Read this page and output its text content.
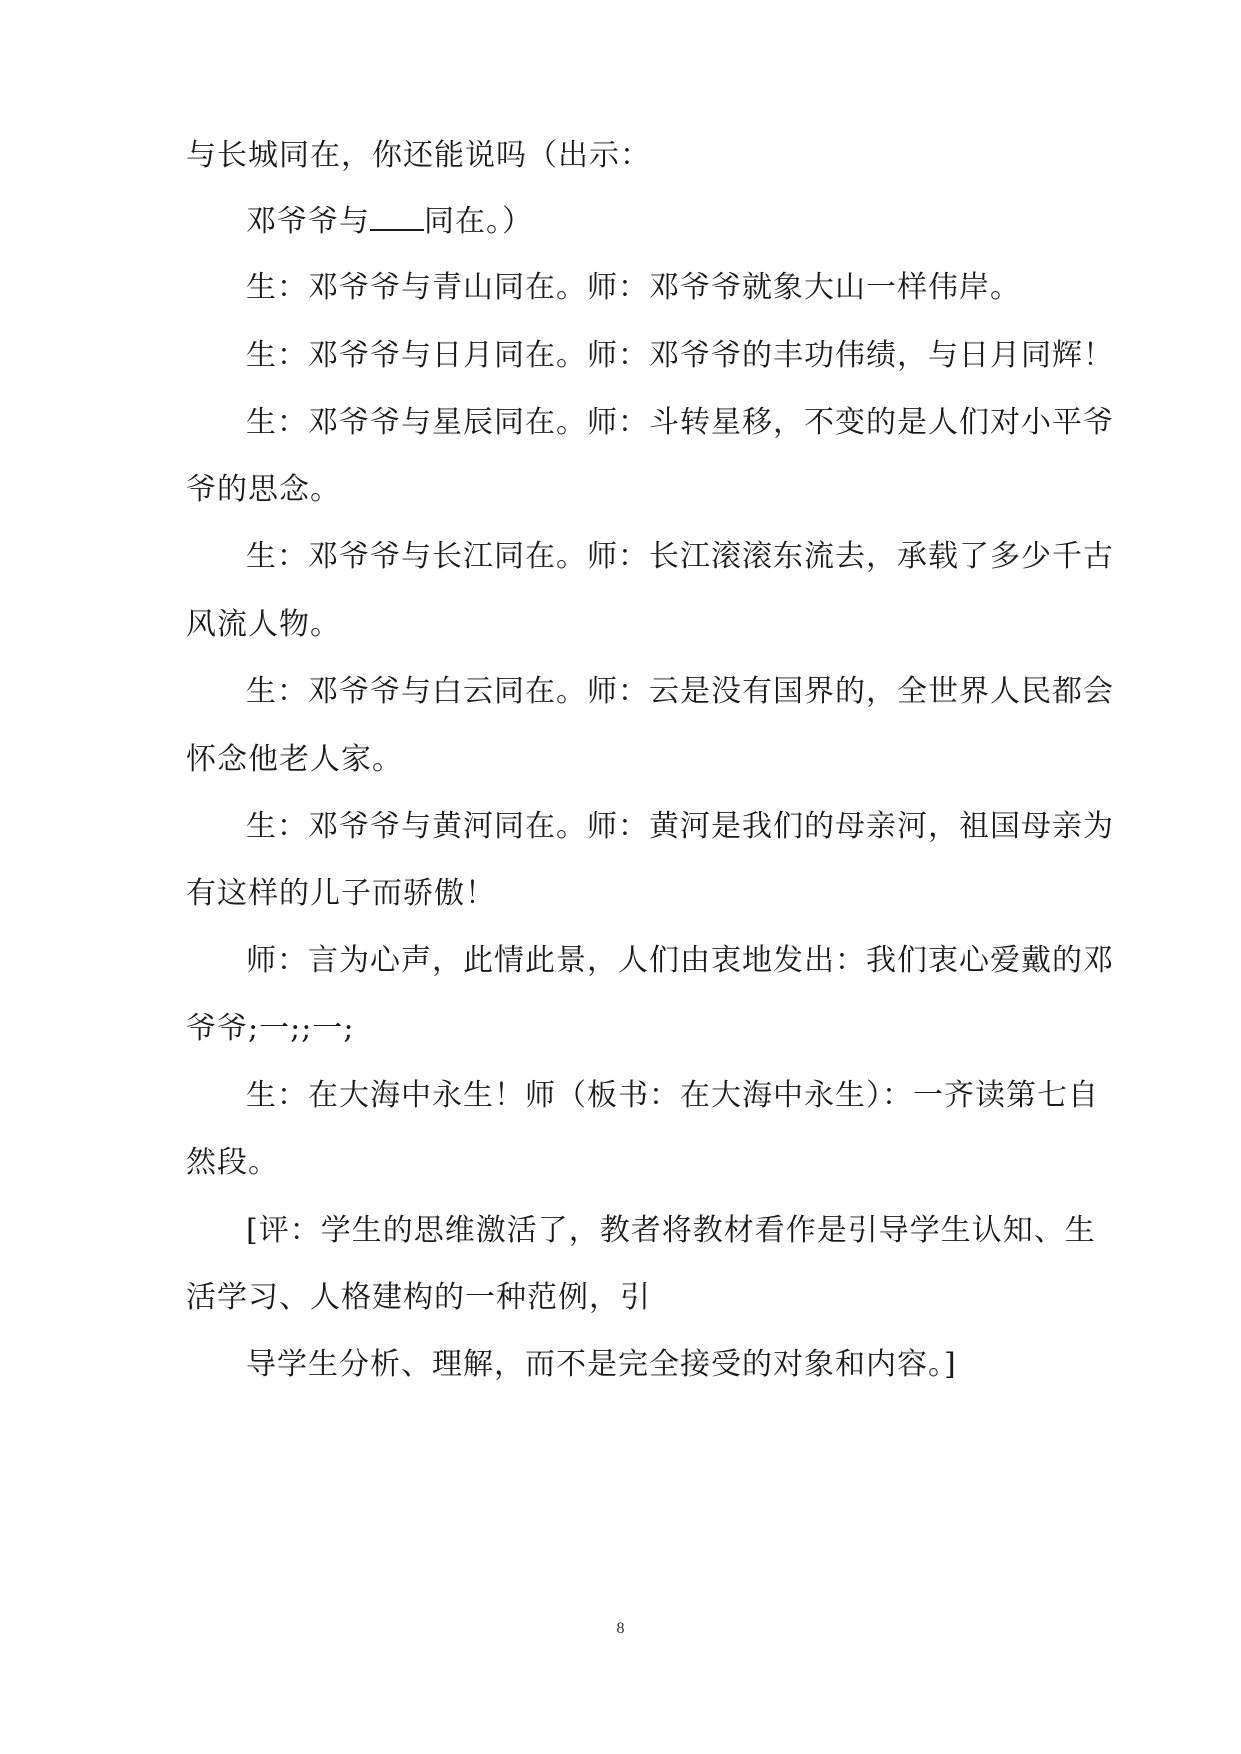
与长城同在，你还能说吗（出示：
邓爷爷与 同在。）
生：邓爷爷与青山同在。师：邓爷爷就象大山一样伟岸。
生：邓爷爷与日月同在。师：邓爷爷的丰功伟绩，与日月同辉！
生：邓爷爷与星辰同在。师：斗转星移，不变的是人们对小平爷
爷的思念。
生：邓爷爷与长江同在。师：长江滚滚东流去，承载了多少千古
风流人物。
生：邓爷爷与白云同在。师：云是没有国界的，全世界人民都会
怀念他老人家。
生：邓爷爷与黄河同在。师：黄河是我们的母亲河，祖国母亲为
有这样的儿子而骄傲！
师：言为心声，此情此景，人们由衷地发出：我们衷心爱戴的邓
爷爷;一;;一;
生：在大海中永生！师（板书：在大海中永生）：一齐读第七自
然段。
[评：学生的思维激活了，教者将教材看作是引导学生认知、生
活学习、人格建构的一种范例，引
导学生分析、理解，而不是完全接受的对象和内容。]
8
